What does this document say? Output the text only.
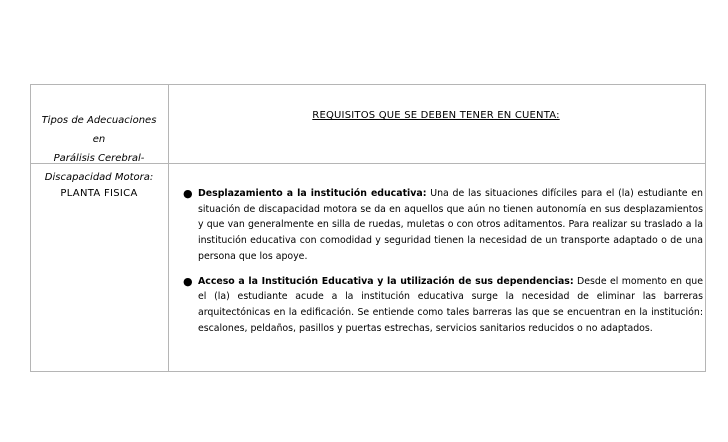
Tipos de Adecuaciones en
Parálisis Cerebral-
Discapacidad Motora:
REQUISITOS QUE SE DEBEN TENER EN CUENTA:
PLANTA FISICA	● Desplazamiento a la institución educativa: Una de las situaciones difíciles para el (la) estudiante en situación de discapacidad motora se da en aquellos que aún no tienen autonomía en sus desplazamientos y que van generalmente en silla de ruedas, muletas o con otros aditamentos. Para realizar su traslado a la institución educativa con comodidad y seguridad tienen la necesidad de un transporte adaptado o de una persona que los apoye.
● Acceso a la Institución Educativa y la utilización de sus dependencias: Desde el momento en que el (la) estudiante acude a la institución educativa surge la necesidad de eliminar las barreras arquitectónicas en la edificación. Se entiende como tales barreras las que se encuentran en la institución: escalones, peldaños, pasillos y puertas estrechas, servicios sanitarios reducidos o no adaptados.
